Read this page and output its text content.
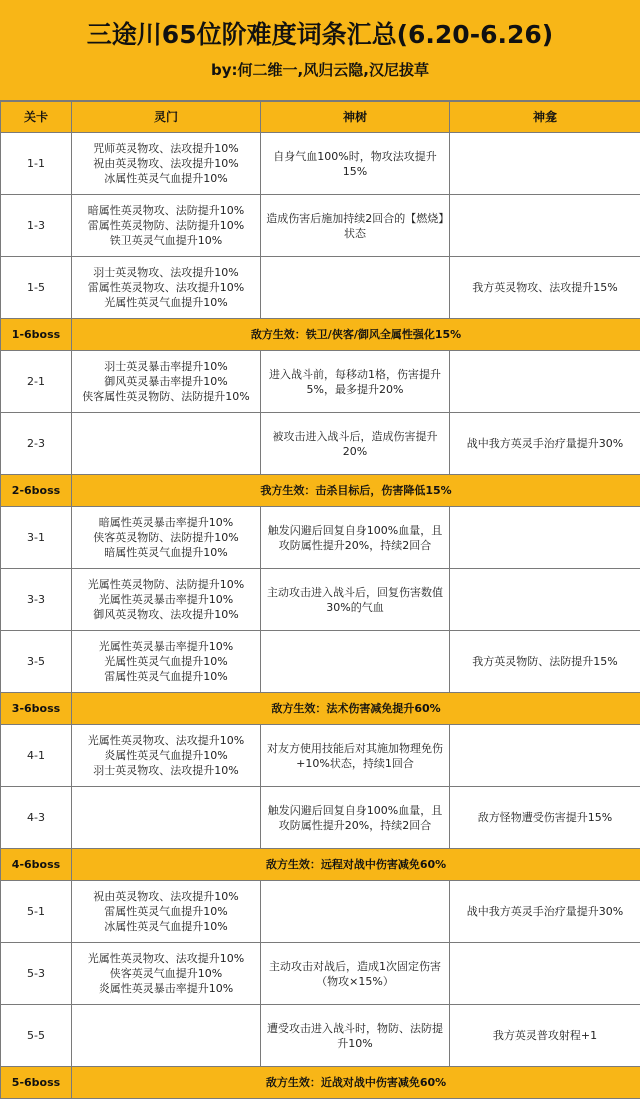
三途川65位阶难度词条汇总(6.20-6.26)
by:何二维一,风归云隐,汉尼拔草
关卡	灵门	神树	神龛
1-1	咒师英灵物攻、法攻提升10%
祝由英灵物攻、法攻提升10%
冰属性英灵气血提升10%	自身气血100%时，物攻法攻提升15%	
1-3	暗属性英灵物攻、法防提升10%
雷属性英灵物防、法防提升10%
铁卫英灵气血提升10%	造成伤害后施加持续2回合的【燃烧】状态	
1-5	羽士英灵物攻、法攻提升10%
雷属性英灵物攻、法攻提升10%
光属性英灵气血提升10%		我方英灵物攻、法攻提升15%
1-6boss	敌方生效：铁卫/侠客/御风全属性强化15%		
2-1	羽士英灵暴击率提升10%
御风英灵暴击率提升10%
侠客属性英灵物防、法防提升10%	进入战斗前，每移动1格，伤害提升5%，最多提升20%	
2-3		被攻击进入战斗后，造成伤害提升20%	战中我方英灵手治疗量提升30%
2-6boss	我方生效：击杀目标后，伤害降低15%		
3-1	暗属性英灵暴击率提升10%
侠客英灵物防、法防提升10%
暗属性英灵气血提升10%	触发闪避后回复自身100%血量，且攻防属性提升20%，持续2回合	
3-3	光属性英灵物防、法防提升10%
光属性英灵暴击率提升10%
御风英灵物攻、法攻提升10%	主动攻击进入战斗后，回复伤害数值30%的气血	
3-5	光属性英灵暴击率提升10%
光属性英灵气血提升10%
雷属性英灵气血提升10%		我方英灵物防、法防提升15%
3-6boss	敌方生效：法术伤害减免提升60%		
4-1	光属性英灵物攻、法攻提升10%
炎属性英灵气血提升10%
羽士英灵物攻、法攻提升10%	对友方使用技能后对其施加物理免伤+10%状态，持续1回合	
4-3		触发闪避后回复自身100%血量，且攻防属性提升20%，持续2回合	敌方怪物遭受伤害提升15%
4-6boss	敌方生效：远程对战中伤害减免60%		
5-1	祝由英灵物攻、法攻提升10%
雷属性英灵气血提升10%
冰属性英灵气血提升10%		战中我方英灵手治疗量提升30%
5-3	光属性英灵物攻、法攻提升10%
侠客英灵气血提升10%
炎属性英灵暴击率提升10%	主动攻击对战后，造成1次固定伤害（物攻×15%）	
5-5		遭受攻击进入战斗时，物防、法防提升10%	我方英灵普攻射程+1
5-6boss	敌方生效：近战对战中伤害减免60%		
